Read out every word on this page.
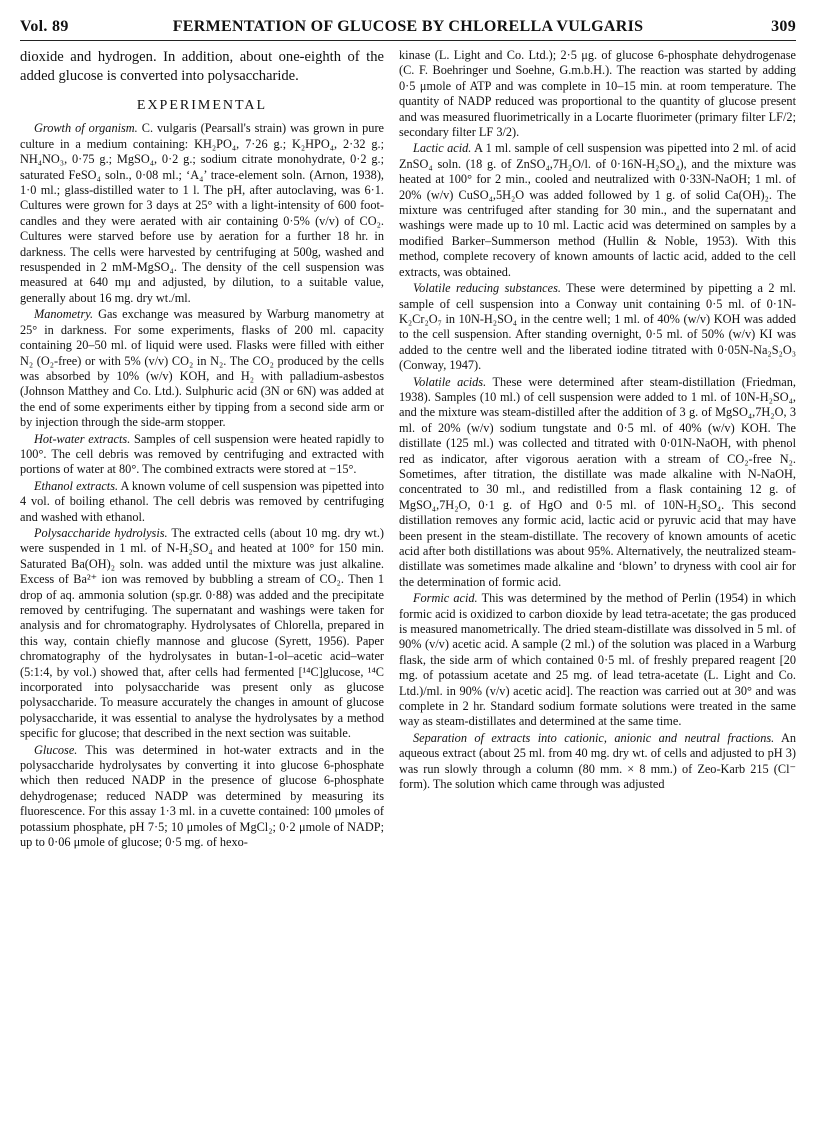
Vol. 89	FERMENTATION OF GLUCOSE BY CHLORELLA VULGARIS	309

dioxide and hydrogen. In addition, about one-eighth of the added glucose is converted into polysaccharide.

EXPERIMENTAL

Growth of organism. C. vulgaris (Pearsall's strain) was grown in pure culture in a medium containing: KH₂PO₄, 7·26 g.; K₂HPO₄, 2·32 g.; NH₄NO₃, 0·75 g.; MgSO₄, 0·2 g.; sodium citrate monohydrate, 0·2 g.; saturated FeSO₄ soln., 0·08 ml.; ‘A₄’ trace-element soln. (Arnon, 1938), 1·0 ml.; glass-distilled water to 1 l. The pH, after autoclaving, was 6·1. Cultures were grown for 3 days at 25° with a light-intensity of 600 foot-candles and they were aerated with air containing 0·5% (v/v) of CO₂. Cultures were starved before use by aeration for a further 18 hr. in darkness. The cells were harvested by centrifuging at 500g, washed and resuspended in 2 mM-MgSO₄. The density of the cell suspension was measured at 640 mμ and adjusted, by dilution, to a suitable value, generally about 16 mg. dry wt./ml.

Manometry. Gas exchange was measured by Warburg manometry at 25° in darkness. For some experiments, flasks of 200 ml. capacity containing 20–50 ml. of liquid were used. Flasks were filled with either N₂ (O₂-free) or with 5% (v/v) CO₂ in N₂. The CO₂ produced by the cells was absorbed by 10% (w/v) KOH, and H₂ with palladium-asbestos (Johnson Matthey and Co. Ltd.). Sulphuric acid (3N or 6N) was added at the end of some experiments either by tipping from a second side arm or by injection through the side-arm stopper.

Hot-water extracts. Samples of cell suspension were heated rapidly to 100°. The cell debris was removed by centrifuging and extracted with portions of water at 80°. The combined extracts were stored at −15°.

Ethanol extracts. A known volume of cell suspension was pipetted into 4 vol. of boiling ethanol. The cell debris was removed by centrifuging and washed with ethanol.

Polysaccharide hydrolysis. The extracted cells (about 10 mg. dry wt.) were suspended in 1 ml. of N-H₂SO₄ and heated at 100° for 150 min. Saturated Ba(OH)₂ soln. was added until the mixture was just alkaline. Excess of Ba²⁺ ion was removed by bubbling a stream of CO₂. Then 1 drop of aq. ammonia solution (sp.gr. 0·88) was added and the precipitate removed by centrifuging. The supernatant and washings were taken for analysis and for chromatography. Hydrolysates of Chlorella, prepared in this way, contain chiefly mannose and glucose (Syrett, 1956). Paper chromatography of the hydrolysates in butan-1-ol–acetic acid–water (5:1:4, by vol.) showed that, after cells had fermented [¹⁴C]glucose, ¹⁴C incorporated into polysaccharide was present only as glucose polysaccharide. To measure accurately the changes in amount of glucose polysaccharide, it was essential to analyse the hydrolysates by a method specific for glucose; that described in the next section was suitable.

Glucose. This was determined in hot-water extracts and in the polysaccharide hydrolysates by converting it into glucose 6-phosphate which then reduced NADP in the presence of glucose 6-phosphate dehydrogenase; reduced NADP was determined by measuring its fluorescence. For this assay 1·3 ml. in a cuvette contained: 100 μmoles of potassium phosphate, pH 7·5; 10 μmoles of MgCl₂; 0·2 μmole of NADP; up to 0·06 μmole of glucose; 0·5 mg. of hexo-

kinase (L. Light and Co. Ltd.); 2·5 μg. of glucose 6-phosphate dehydrogenase (C. F. Boehringer und Soehne, G.m.b.H.). The reaction was started by adding 0·5 μmole of ATP and was complete in 10–15 min. at room temperature. The quantity of NADP reduced was proportional to the quantity of glucose present and was measured fluorimetrically in a Locarte fluorimeter (primary filter LF/2; secondary filter LF 3/2).

Lactic acid. A 1 ml. sample of cell suspension was pipetted into 2 ml. of acid ZnSO₄ soln. (18 g. of ZnSO₄,7H₂O/l. of 0·16N-H₂SO₄), and the mixture was heated at 100° for 2 min., cooled and neutralized with 0·33N-NaOH; 1 ml. of 20% (w/v) CuSO₄,5H₂O was added followed by 1 g. of solid Ca(OH)₂. The mixture was centrifuged after standing for 30 min., and the supernatant and washings were made up to 10 ml. Lactic acid was determined on samples by a modified Barker–Summerson method (Hullin & Noble, 1953). With this method, complete recovery of known amounts of lactic acid, added to the cell extracts, was obtained.

Volatile reducing substances. These were determined by pipetting a 2 ml. sample of cell suspension into a Conway unit containing 0·5 ml. of 0·1N-K₂Cr₂O₇ in 10N-H₂SO₄ in the centre well; 1 ml. of 40% (w/v) KOH was added to the cell suspension. After standing overnight, 0·5 ml. of 50% (w/v) KI was added to the centre well and the liberated iodine titrated with 0·05N-Na₂S₂O₃ (Conway, 1947).

Volatile acids. These were determined after steam-distillation (Friedman, 1938). Samples (10 ml.) of cell suspension were added to 1 ml. of 10N-H₂SO₄, and the mixture was steam-distilled after the addition of 3 g. of MgSO₄,7H₂O, 3 ml. of 20% (w/v) sodium tungstate and 0·5 ml. of 40% (w/v) KOH. The distillate (125 ml.) was collected and titrated with 0·01N-NaOH, with phenol red as indicator, after vigorous aeration with a stream of CO₂-free N₂. Sometimes, after titration, the distillate was made alkaline with N-NaOH, concentrated to 30 ml., and redistilled from a flask containing 12 g. of MgSO₄,7H₂O, 0·1 g. of HgO and 0·5 ml. of 10N-H₂SO₄. This second distillation removes any formic acid, lactic acid or pyruvic acid that may have been present in the steam-distillate. The recovery of known amounts of acetic acid after both distillations was about 95%. Alternatively, the neutralized steam-distillate was sometimes made alkaline and ‘blown’ to dryness with cool air for the determination of formic acid.

Formic acid. This was determined by the method of Perlin (1954) in which formic acid is oxidized to carbon dioxide by lead tetra-acetate; the gas produced is measured manometrically. The dried steam-distillate was dissolved in 5 ml. of 90% (v/v) acetic acid. A sample (2 ml.) of the solution was placed in a Warburg flask, the side arm of which contained 0·5 ml. of freshly prepared reagent [20 mg. of potassium acetate and 25 mg. of lead tetra-acetate (L. Light and Co. Ltd.)/ml. in 90% (v/v) acetic acid]. The reaction was carried out at 30° and was complete in 2 hr. Standard sodium formate solutions were treated in the same way as steam-distillates and determined at the same time.

Separation of extracts into cationic, anionic and neutral fractions. An aqueous extract (about 25 ml. from 40 mg. dry wt. of cells and adjusted to pH 3) was run slowly through a column (80 mm. × 8 mm.) of Zeo-Karb 215 (Cl⁻ form). The solution which came through was adjusted
